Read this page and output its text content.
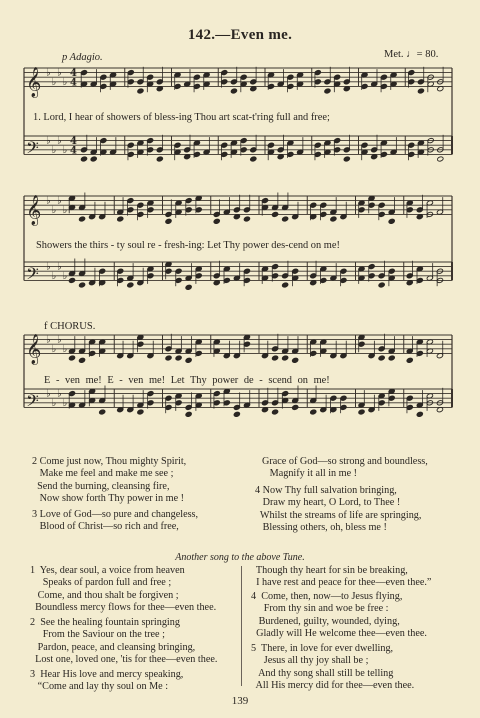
142.—Even me.
p Adagio.	Met. ♩= 80.
𝄞 ♭
♭
♭
♭
4
4
𝄢 ♭
♭
♭
♭
4
4
𝄞 ♭
♭
♭
♭
𝄢 ♭
♭
♭
♭
𝄞 ♭
♭
♭
♭
𝄢 ♭
♭
♭
♭
1. Lord, I hear of showers of bless-ing Thou art scat-t'ring full and free;
Showers the thirs - ty soul re - fresh-ing: Let Thy power des-cend on me!
f CHORUS.
E - ven me! E - ven me! Let Thy power de - scend on me!
2 Come just now, Thou mighty Spirit,
Make me feel and make me see ;
Send the burning, cleansing fire,
Now show forth Thy power in me !
3 Love of God—so pure and changeless,
Blood of Christ—so rich and free,
Grace of God—so strong and boundless,
Magnify it all in me !
4 Now Thy full salvation bringing,
Draw my heart, O Lord, to Thee !
Whilst the streams of life are springing,
Blessing others, oh, bless me !
Another song to the above Tune.
1  Yes, dear soul, a voice from heaven
Speaks of pardon full and free ;
Come, and thou shalt be forgiven ;
Boundless mercy flows for thee—even thee.
2  See the healing fountain springing
From the Saviour on the tree ;
Pardon, peace, and cleansing bringing,
Lost one, loved one, 'tis for thee—even thee.
3  Hear His love and mercy speaking,
“Come and lay thy soul on Me :
Though thy heart for sin be breaking,
I have rest and peace for thee—even thee.”
4  Come, then, now—to Jesus flying,
From thy sin and woe be free :
Burdened, guilty, wounded, dying,
Gladly will He welcome thee—even thee.
5  There, in love for ever dwelling,
Jesus all thy joy shall be ;
And thy song shall still be telling
All His mercy did for thee—even thee.
139
